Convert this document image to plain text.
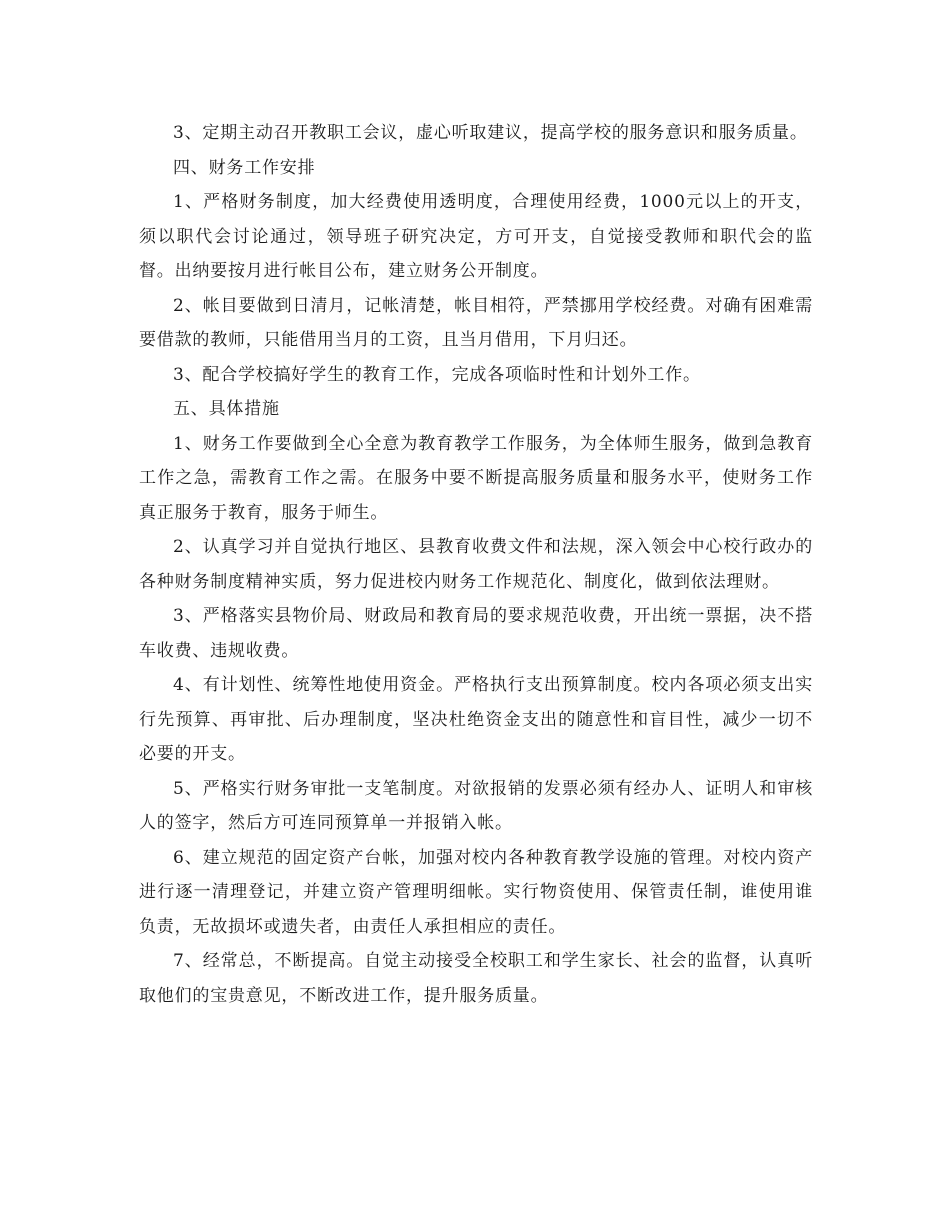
3、定期主动召开教职工会议，虚心听取建议，提高学校的服务意识和服务质量。

四、财务工作安排

1、严格财务制度，加大经费使用透明度，合理使用经费，1000元以上的开支，须以职代会讨论通过，领导班子研究决定，方可开支，自觉接受教师和职代会的监督。出纳要按月进行帐目公布，建立财务公开制度。

2、帐目要做到日清月，记帐清楚，帐目相符，严禁挪用学校经费。对确有困难需要借款的教师，只能借用当月的工资，且当月借用，下月归还。

3、配合学校搞好学生的教育工作，完成各项临时性和计划外工作。

五、具体措施

1、财务工作要做到全心全意为教育教学工作服务，为全体师生服务，做到急教育工作之急，需教育工作之需。在服务中要不断提高服务质量和服务水平，使财务工作真正服务于教育，服务于师生。

2、认真学习并自觉执行地区、县教育收费文件和法规，深入领会中心校行政办的各种财务制度精神实质，努力促进校内财务工作规范化、制度化，做到依法理财。

3、严格落实县物价局、财政局和教育局的要求规范收费，开出统一票据，决不搭车收费、违规收费。

4、有计划性、统筹性地使用资金。严格执行支出预算制度。校内各项必须支出实行先预算、再审批、后办理制度，坚决杜绝资金支出的随意性和盲目性，减少一切不必要的开支。

5、严格实行财务审批一支笔制度。对欲报销的发票必须有经办人、证明人和审核人的签字，然后方可连同预算单一并报销入帐。

6、建立规范的固定资产台帐，加强对校内各种教育教学设施的管理。对校内资产进行逐一清理登记，并建立资产管理明细帐。实行物资使用、保管责任制，谁使用谁负责，无故损坏或遗失者，由责任人承担相应的责任。

7、经常总，不断提高。自觉主动接受全校职工和学生家长、社会的监督，认真听取他们的宝贵意见，不断改进工作，提升服务质量。
